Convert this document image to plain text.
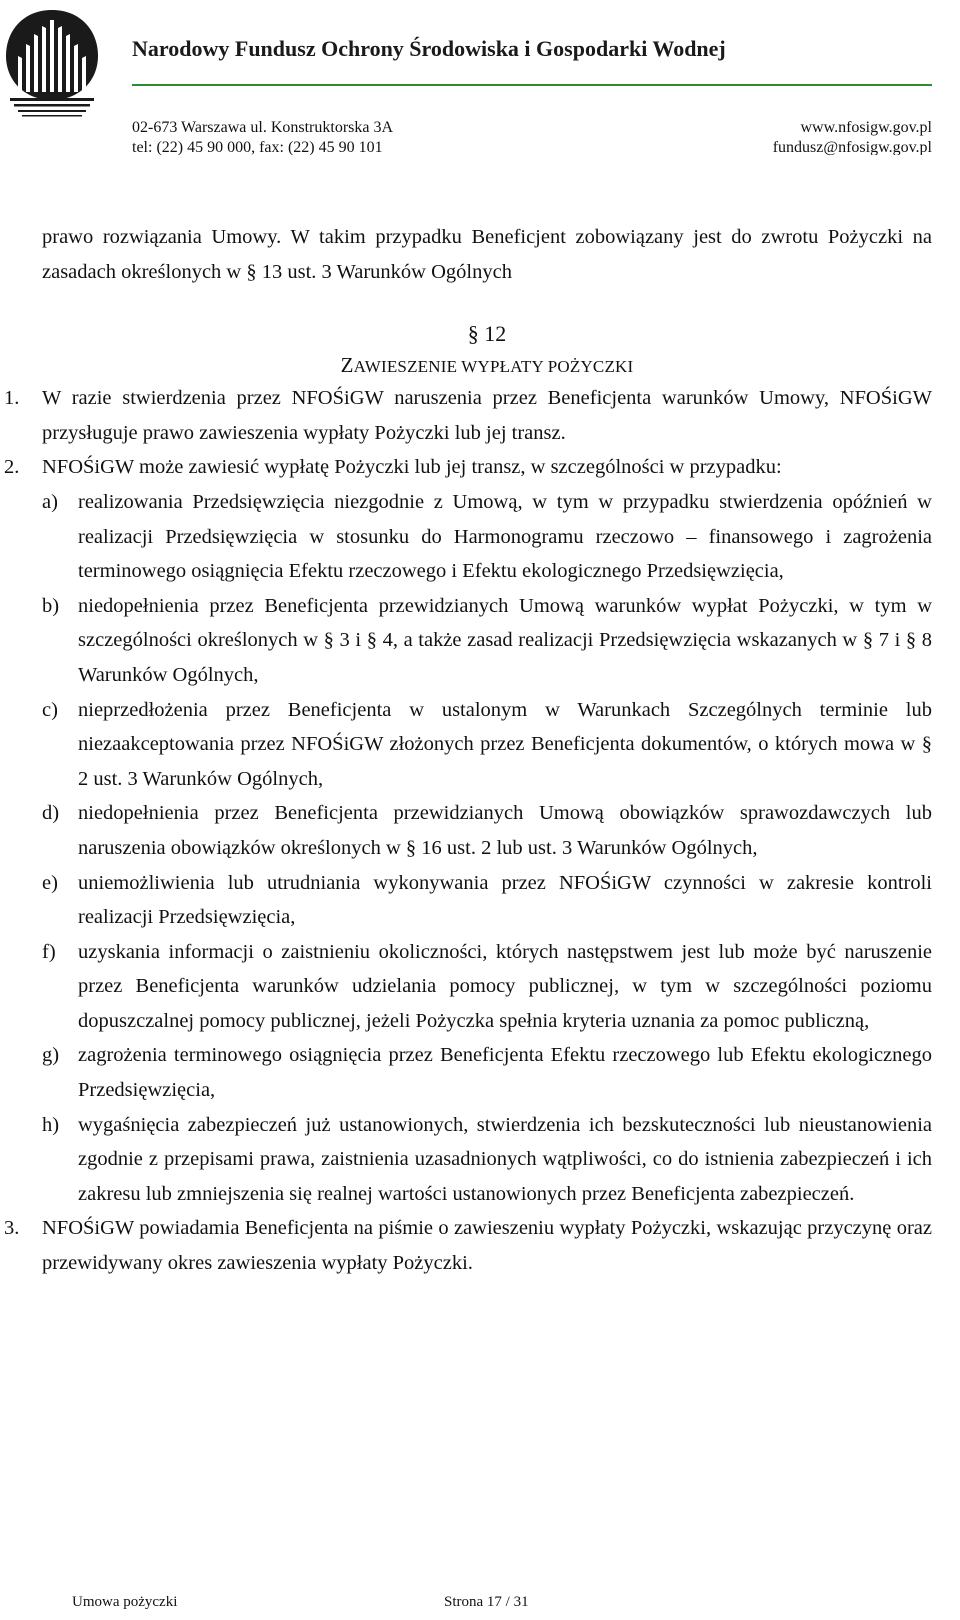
Narodowy Fundusz Ochrony Środowiska i Gospodarki Wodnej
02-673 Warszawa ul. Konstruktorska 3A
tel: (22) 45 90 000, fax: (22) 45 90 101
www.nfosigw.gov.pl
fundusz@nfosigw.gov.pl

prawo rozwiązania Umowy. W takim przypadku Beneficjent zobowiązany jest do zwrotu Pożyczki na zasadach określonych w § 13 ust. 3 Warunków Ogólnych

§ 12

ZAWIESZENIE WYPŁATY POŻYCZKI

1.	W razie stwierdzenia przez NFOŚiGW naruszenia przez Beneficjenta warunków Umowy, NFOŚiGW przysługuje prawo zawieszenia wypłaty Pożyczki lub jej transz.

2.	NFOŚiGW może zawiesić wypłatę Pożyczki lub jej transz, w szczególności w przypadku:

a) realizowania Przedsięwzięcia niezgodnie z Umową, w tym w przypadku stwierdzenia opóźnień w realizacji Przedsięwzięcia w stosunku do Harmonogramu rzeczowo – finansowego i zagrożenia terminowego osiągnięcia Efektu rzeczowego i Efektu ekologicznego Przedsięwzięcia,

b) niedopełnienia przez Beneficjenta przewidzianych Umową warunków wypłat Pożyczki, w tym w szczególności określonych w § 3 i § 4, a także zasad realizacji Przedsięwzięcia wskazanych w § 7 i § 8 Warunków Ogólnych,

c) nieprzedłożenia przez Beneficjenta w ustalonym w Warunkach Szczególnych terminie lub niezaakceptowania przez NFOŚiGW złożonych przez Beneficjenta dokumentów, o których mowa w § 2 ust. 3 Warunków Ogólnych,

d) niedopełnienia przez Beneficjenta przewidzianych Umową obowiązków sprawozdawczych lub naruszenia obowiązków określonych w § 16 ust. 2 lub ust. 3 Warunków Ogólnych,

e) uniemożliwienia lub utrudniania wykonywania przez NFOŚiGW czynności w zakresie kontroli realizacji Przedsięwzięcia,

f)	uzyskania informacji o zaistnieniu okoliczności, których następstwem jest lub może być naruszenie przez Beneficjenta warunków udzielania pomocy publicznej, w tym w szczególności poziomu dopuszczalnej pomocy publicznej, jeżeli Pożyczka spełnia kryteria uznania za pomoc publiczną,

g) zagrożenia terminowego osiągnięcia przez Beneficjenta Efektu rzeczowego lub Efektu ekologicznego Przedsięwzięcia,

h) wygaśnięcia zabezpieczeń już ustanowionych, stwierdzenia ich bezskuteczności lub nieustanowienia zgodnie z przepisami prawa, zaistnienia uzasadnionych wątpliwości, co do istnienia zabezpieczeń i ich zakresu lub zmniejszenia się realnej wartości ustanowionych przez Beneficjenta zabezpieczeń.

3.	NFOŚiGW powiadamia Beneficjenta na piśmie o zawieszeniu wypłaty Pożyczki, wskazując przyczynę oraz przewidywany okres zawieszenia wypłaty Pożyczki.

Umowa pożyczki	Strona 17 / 31
